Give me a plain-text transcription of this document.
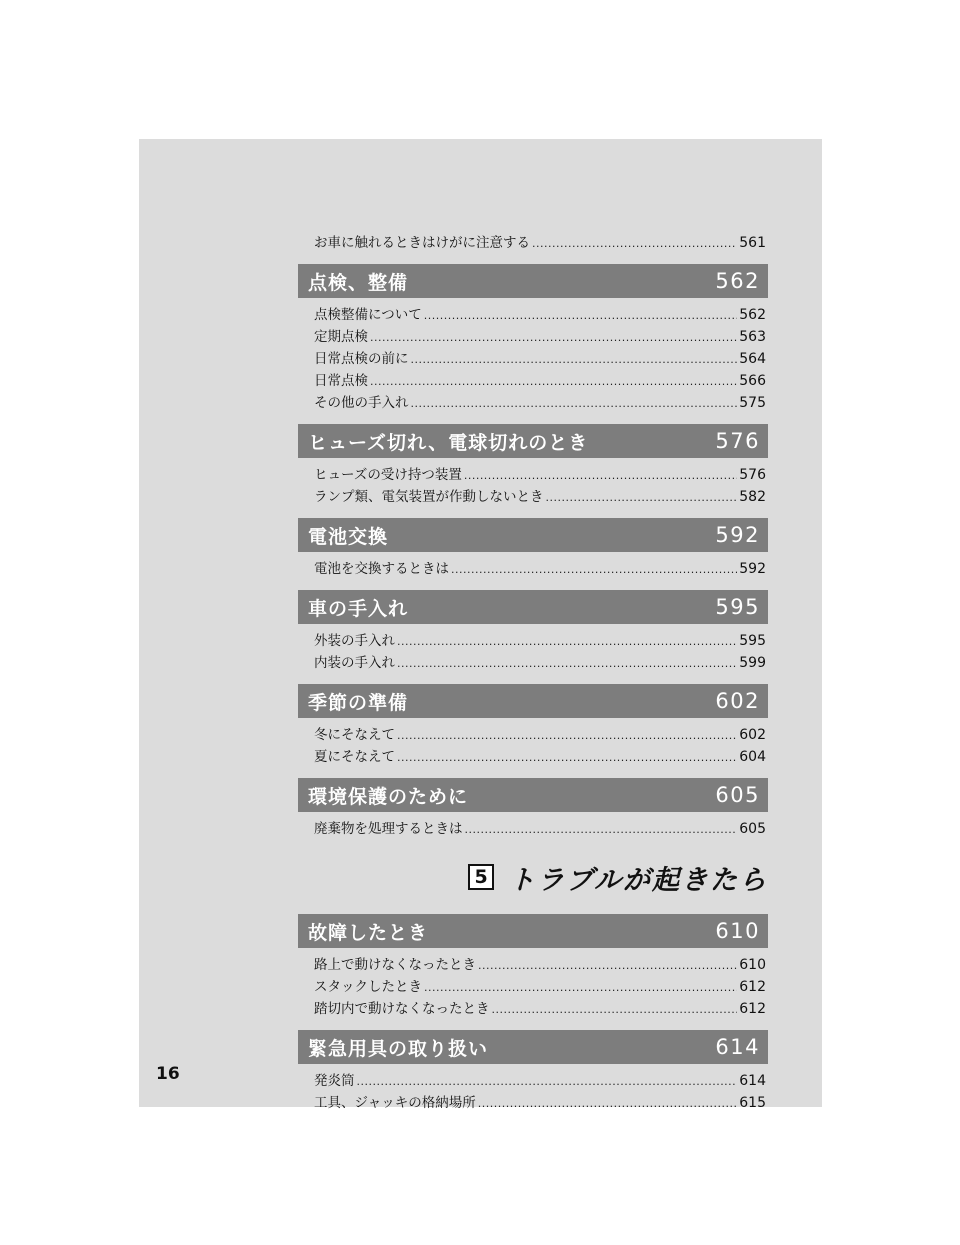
お車に触れるときはけがに注意する .....	561
点検、整備	562
点検整備について .....	562
定期点検 .....	563
日常点検の前に .....	564
日常点検 .....	566
その他の手入れ .....	575
ヒューズ切れ、電球切れのとき	576
ヒューズの受け持つ装置 .....	576
ランプ類、電気装置が作動しないとき .....	582
電池交換	592
電池を交換するときは .....	592
車の手入れ	595
外装の手入れ .....	595
内装の手入れ .....	599
季節の準備	602
冬にそなえて .....	602
夏にそなえて .....	604
環境保護のために	605
廃棄物を処理するときは .....	605
5 トラブルが起きたら
故障したとき	610
路上で動けなくなったとき .....	610
スタックしたとき .....	612
踏切内で動けなくなったとき .....	612
緊急用具の取り扱い	614
発炎筒 .....	614
工具、ジャッキの格納場所 .....	615
16
